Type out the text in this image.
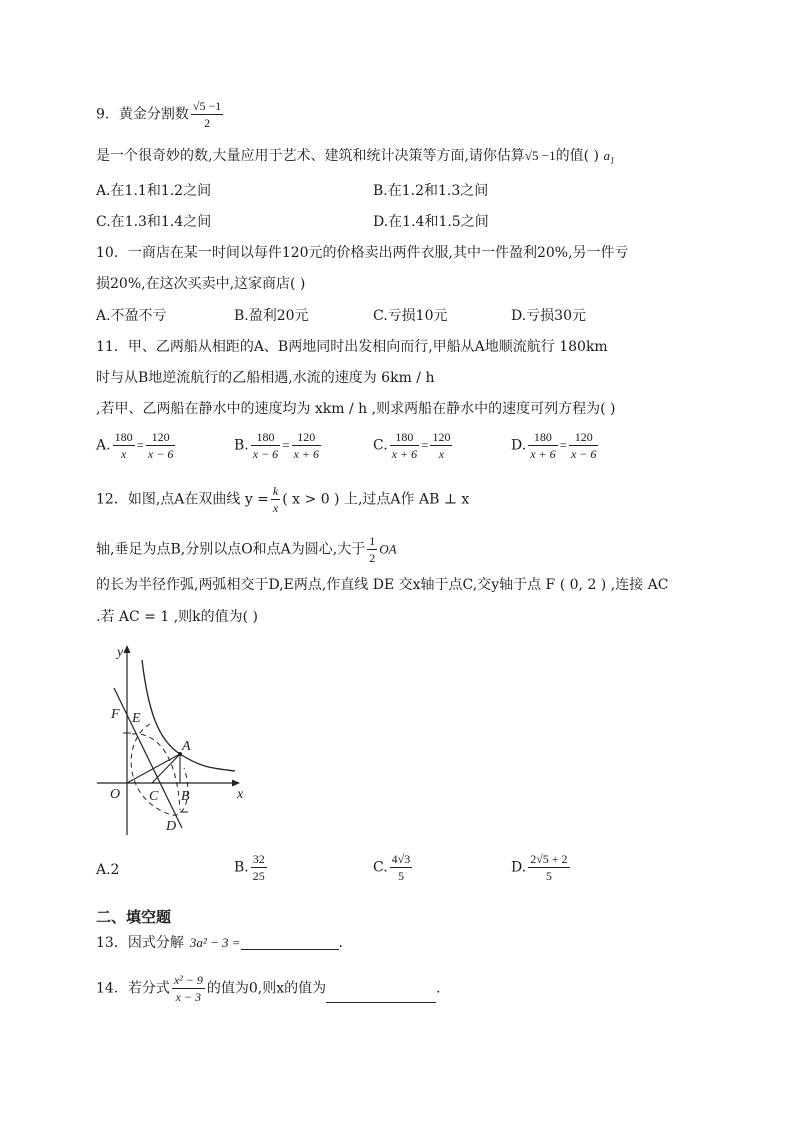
9．黄金分割数 $\frac{√5 -1}{2}$
是一个很奇妙的数,大量应用于艺术、建筑和统计决策等方面,请你估算√5 −1的值( ) $a_1$
A.在1.1和1.2之间	B.在1.2和1.3之间
C.在1.3和1.4之间	D.在1.4和1.5之间
10．一商店在某一时间以每件120元的价格卖出两件衣服,其中一件盈利20%,另一件亏
损20%,在这次买卖中,这家商店( )
A.不盈不亏	B.盈利20元	C.亏损10元	D.亏损30元
11．甲、乙两船从相距的A、B两地同时出发相向而行,甲船从A地顺流航行 180km
时与从B地逆流航行的乙船相遇,水流的速度为 6km / h
,若甲、乙两船在静水中的速度均为 xkm / h ,则求两船在静水中的速度可列方程为( )
A. $\frac{180}{x} = \frac{120}{x - 6}$	B. $\frac{180}{x - 6} = \frac{120}{x + 6}$	C. $\frac{180}{x + 6} = \frac{120}{x}$	D. $\frac{180}{x + 6} = \frac{120}{x - 6}$
12．如图,点A在双曲线 $y = \frac{k}{x}$ ( x > 0 ) 上,过点A作 AB ⊥ x
轴,垂足为点B,分别以点O和点A为圆心,大于 $\frac{1}{2}$ OA
的长为半径作弧,两弧相交于D,E两点,作直线 DE 交x轴于点C,交y轴于点 F ( 0, 2 ) ,连接 AC
.若 AC = 1 ,则k的值为( )
y
x
O
F E
A
C B
D
A.2	B. $\frac{32}{25}$	C. $\frac{4√3}{5}$	D. $\frac{2√5 + 2}{5}$
二、填空题
13．因式分解 3a² − 3 =	.
14．若分式 $\frac{\text{x² − 9}}{x - 3}$ 的值为0,则x的值为	.
